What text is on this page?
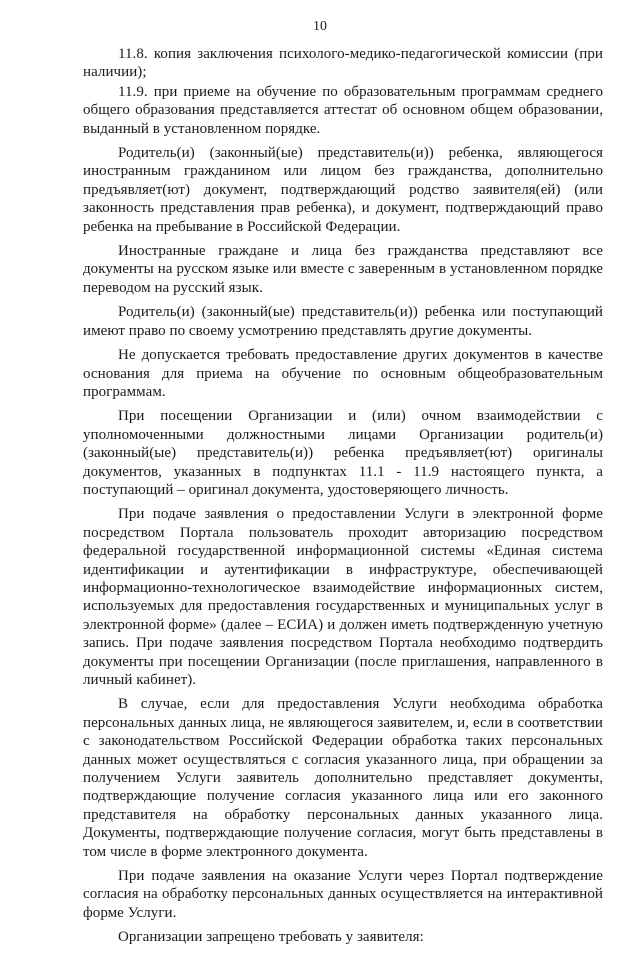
10

11.8. копия заключения психолого-медико-педагогической комиссии (при наличии);

11.9. при приеме на обучение по образовательным программам среднего общего образования представляется аттестат об основном общем образовании, выданный в установленном порядке.

Родитель(и) (законный(ые) представитель(и)) ребенка, являющегося иностранным гражданином или лицом без гражданства, дополнительно предъявляет(ют) документ, подтверждающий родство заявителя(ей) (или законность представления прав ребенка), и документ, подтверждающий право ребенка на пребывание в Российской Федерации.

Иностранные граждане и лица без гражданства представляют все документы на русском языке или вместе с заверенным в установленном порядке переводом на русский язык.

Родитель(и) (законный(ые) представитель(и)) ребенка или поступающий имеют право по своему усмотрению представлять другие документы.

Не допускается требовать предоставление других документов в качестве основания для приема на обучение по основным общеобразовательным программам.

При посещении Организации и (или) очном взаимодействии с уполномоченными должностными лицами Организации родитель(и) (законный(ые) представитель(и)) ребенка предъявляет(ют) оригиналы документов, указанных в подпунктах 11.1 - 11.9 настоящего пункта, а поступающий – оригинал документа, удостоверяющего личность.

При подаче заявления о предоставлении Услуги в электронной форме посредством Портала пользователь проходит авторизацию посредством федеральной государственной информационной системы «Единая система идентификации и аутентификации в инфраструктуре, обеспечивающей информационно-технологическое взаимодействие информационных систем, используемых для предоставления государственных и муниципальных услуг в электронной форме» (далее – ЕСИА) и должен иметь подтвержденную учетную запись. При подаче заявления посредством Портала необходимо подтвердить документы при посещении Организации (после приглашения, направленного в личный кабинет).

В случае, если для предоставления Услуги необходима обработка персональных данных лица, не являющегося заявителем, и, если в соответствии с законодательством Российской Федерации обработка таких персональных данных может осуществляться с согласия указанного лица, при обращении за получением Услуги заявитель дополнительно представляет документы, подтверждающие получение согласия указанного лица или его законного представителя на обработку персональных данных указанного лица. Документы, подтверждающие получение согласия, могут быть представлены в том числе в форме электронного документа.

При подаче заявления на оказание Услуги через Портал подтверждение согласия на обработку персональных данных осуществляется на интерактивной форме Услуги.

Организации запрещено требовать у заявителя:
